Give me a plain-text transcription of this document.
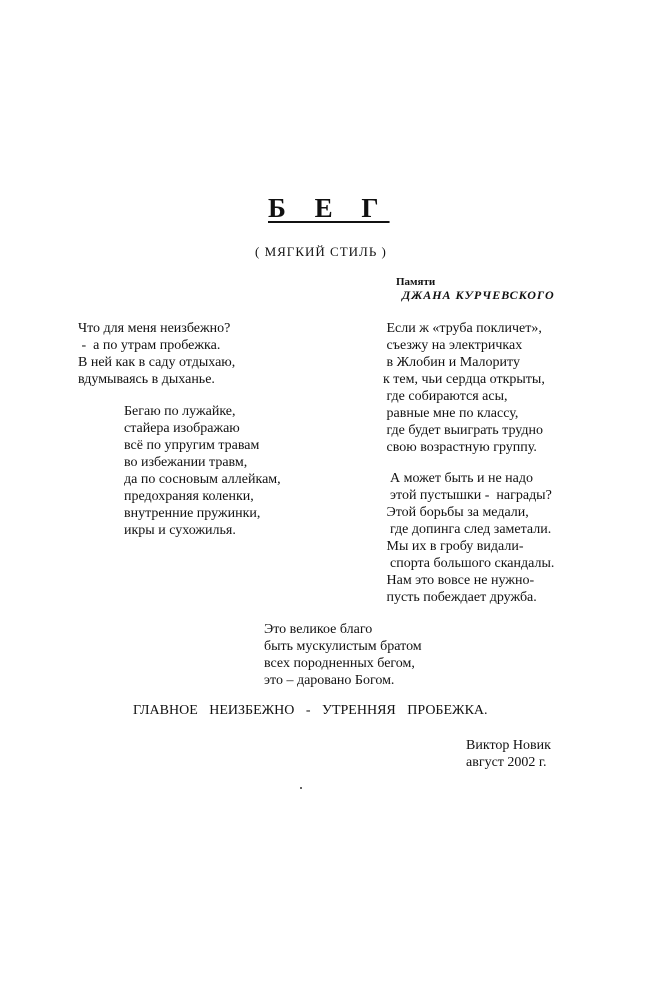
Б Е Г
( МЯГКИЙ СТИЛЬ )
Памяти
ДЖАНА КУРЧЕВСКОГО
Что для меня неизбежно?
-  а по утрам пробежка.
В ней как в саду отдыхаю,
вдумываясь в дыханье.
Бегаю по лужайке,
стайера изображаю
всё по упругим травам
во избежании травм,
да по сосновым аллейкам,
предохраняя коленки,
внутренние пружинки,
икры и сухожилья.
Если ж «труба покличет»,
съезжу на электричках
в Жлобин и Малориту
к тем, чьи сердца открыты,
где собираются асы,
равные мне по классу,
где будет выиграть трудно
свою возрастную группу.
А может быть и не надо
этой пустышки -  награды?
Этой борьбы за медали,
где допинга след заметали.
Мы их в гробу видали-
спорта большого скандалы.
Нам это вовсе не нужно-
пусть побеждает дружба.
Это великое благо
быть мускулистым братом
всех породненных бегом,
это – даровано Богом.
ГЛАВНОЕ НЕИЗБЕЖНО - УТРЕННЯЯ ПРОБЕЖКА.
Виктор Новик
август 2002 г.
